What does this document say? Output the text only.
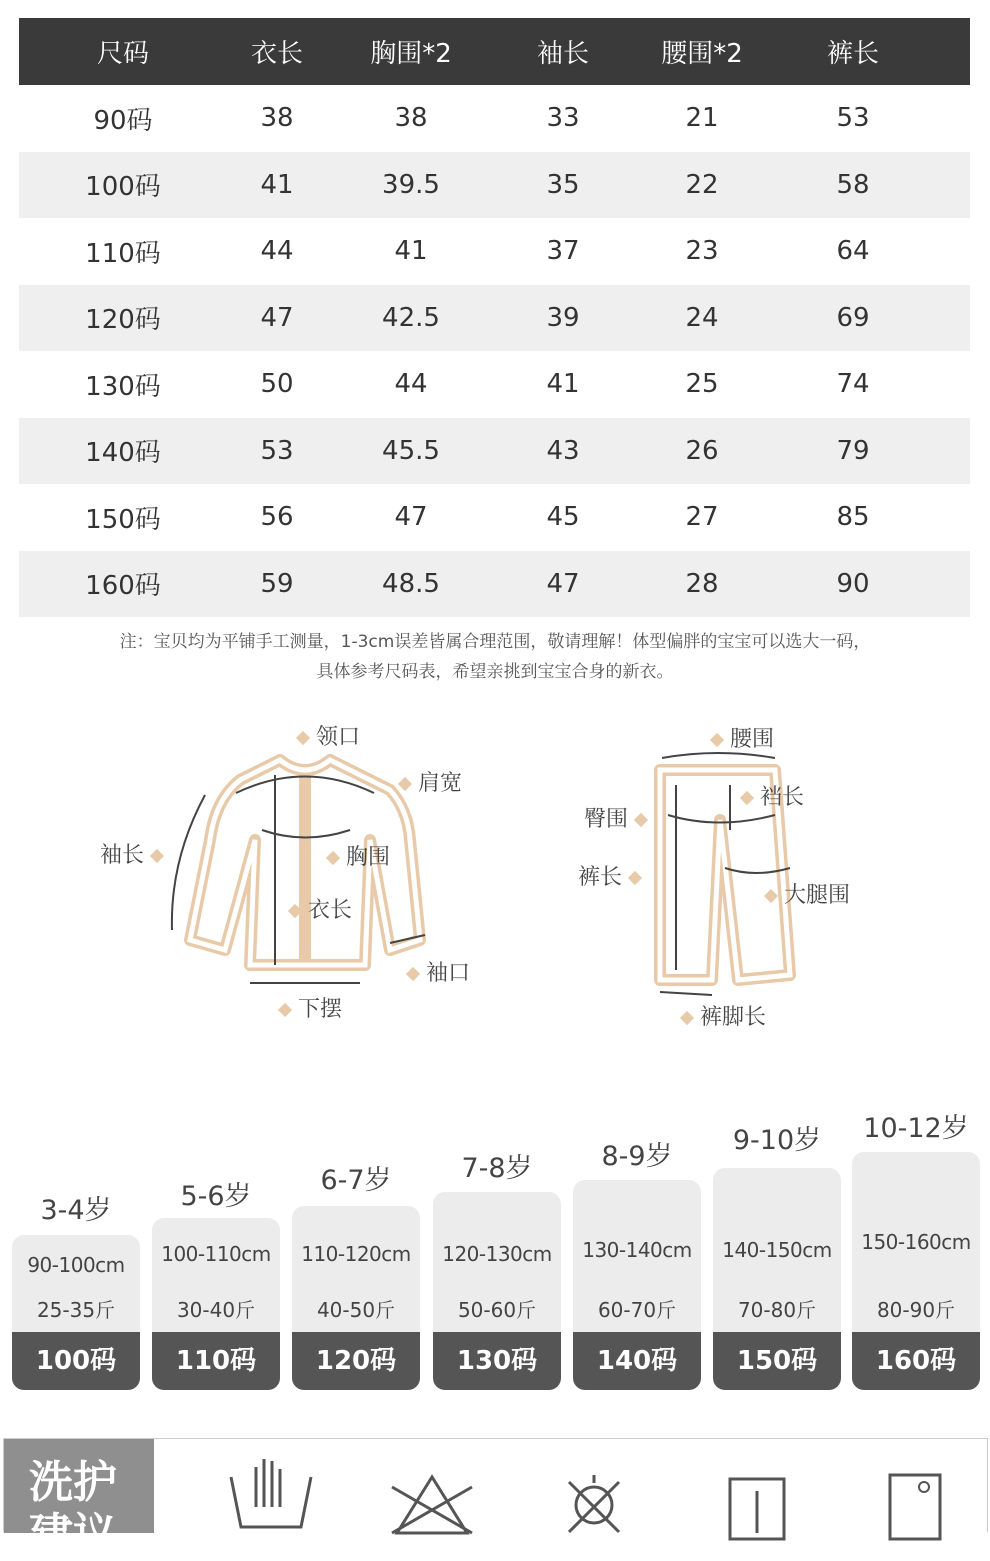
尺码	衣长	胸围*2	袖长	腰围*2	裤长
90码	38	38	33	21	53
100码	41	39.5	35	22	58
110码	44	41	37	23	64
120码	47	42.5	39	24	69
130码	50	44	41	25	74
140码	53	45.5	43	26	79
150码	56	47	45	27	85
160码	59	48.5	47	28	90
注：宝贝均为平铺手工测量，1-3cm误差皆属合理范围，敬请理解！体型偏胖的宝宝可以选大一码，
具体参考尺码表，希望亲挑到宝宝合身的新衣。
领口
肩宽
袖长	胸围
衣长
袖口
下摆
腰围
臀围
裆长
裤长
大腿围
裤脚长
3-4岁
90-100cm
25-35斤
100码
5-6岁
100-110cm
30-40斤
110码
6-7岁
110-120cm
40-50斤
120码
7-8岁
120-130cm
50-60斤
130码
8-9岁
130-140cm
60-70斤
140码
9-10岁
140-150cm
70-80斤
150码
10-12岁
150-160cm
80-90斤
160码
洗护建议
